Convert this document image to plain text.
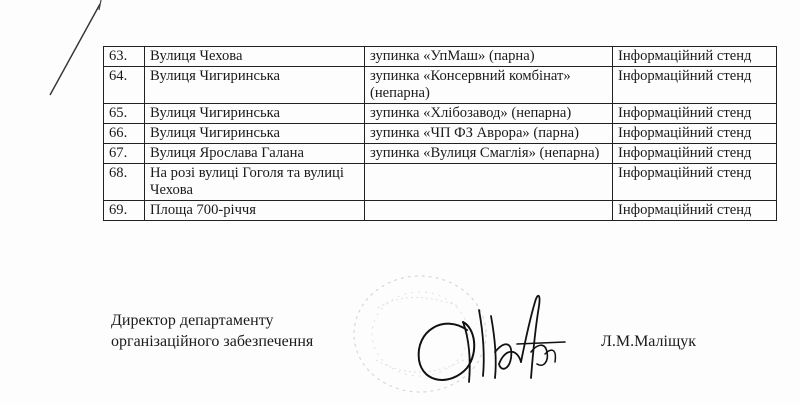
63.	Вулиця Чехова	зупинка «УпМаш» (парна)	Інформаційний стенд
64.	Вулиця Чигиринська	зупинка «Консервний комбінат» (непарна)	Інформаційний стенд
65.	Вулиця Чигиринська	зупинка «Хлібозавод» (непарна)	Інформаційний стенд
66.	Вулиця Чигиринська	зупинка «ЧП ФЗ Аврора» (парна)	Інформаційний стенд
67.	Вулиця Ярослава Галана	зупинка «Вулиця Смаглія» (непарна)	Інформаційний стенд
68.	На розі вулиці Гоголя та вулиці Чехова		Інформаційний стенд
69.	Площа 700-річчя		Інформаційний стенд
Директор департаменту
організаційного забезпечення	Л.М.Маліщук
